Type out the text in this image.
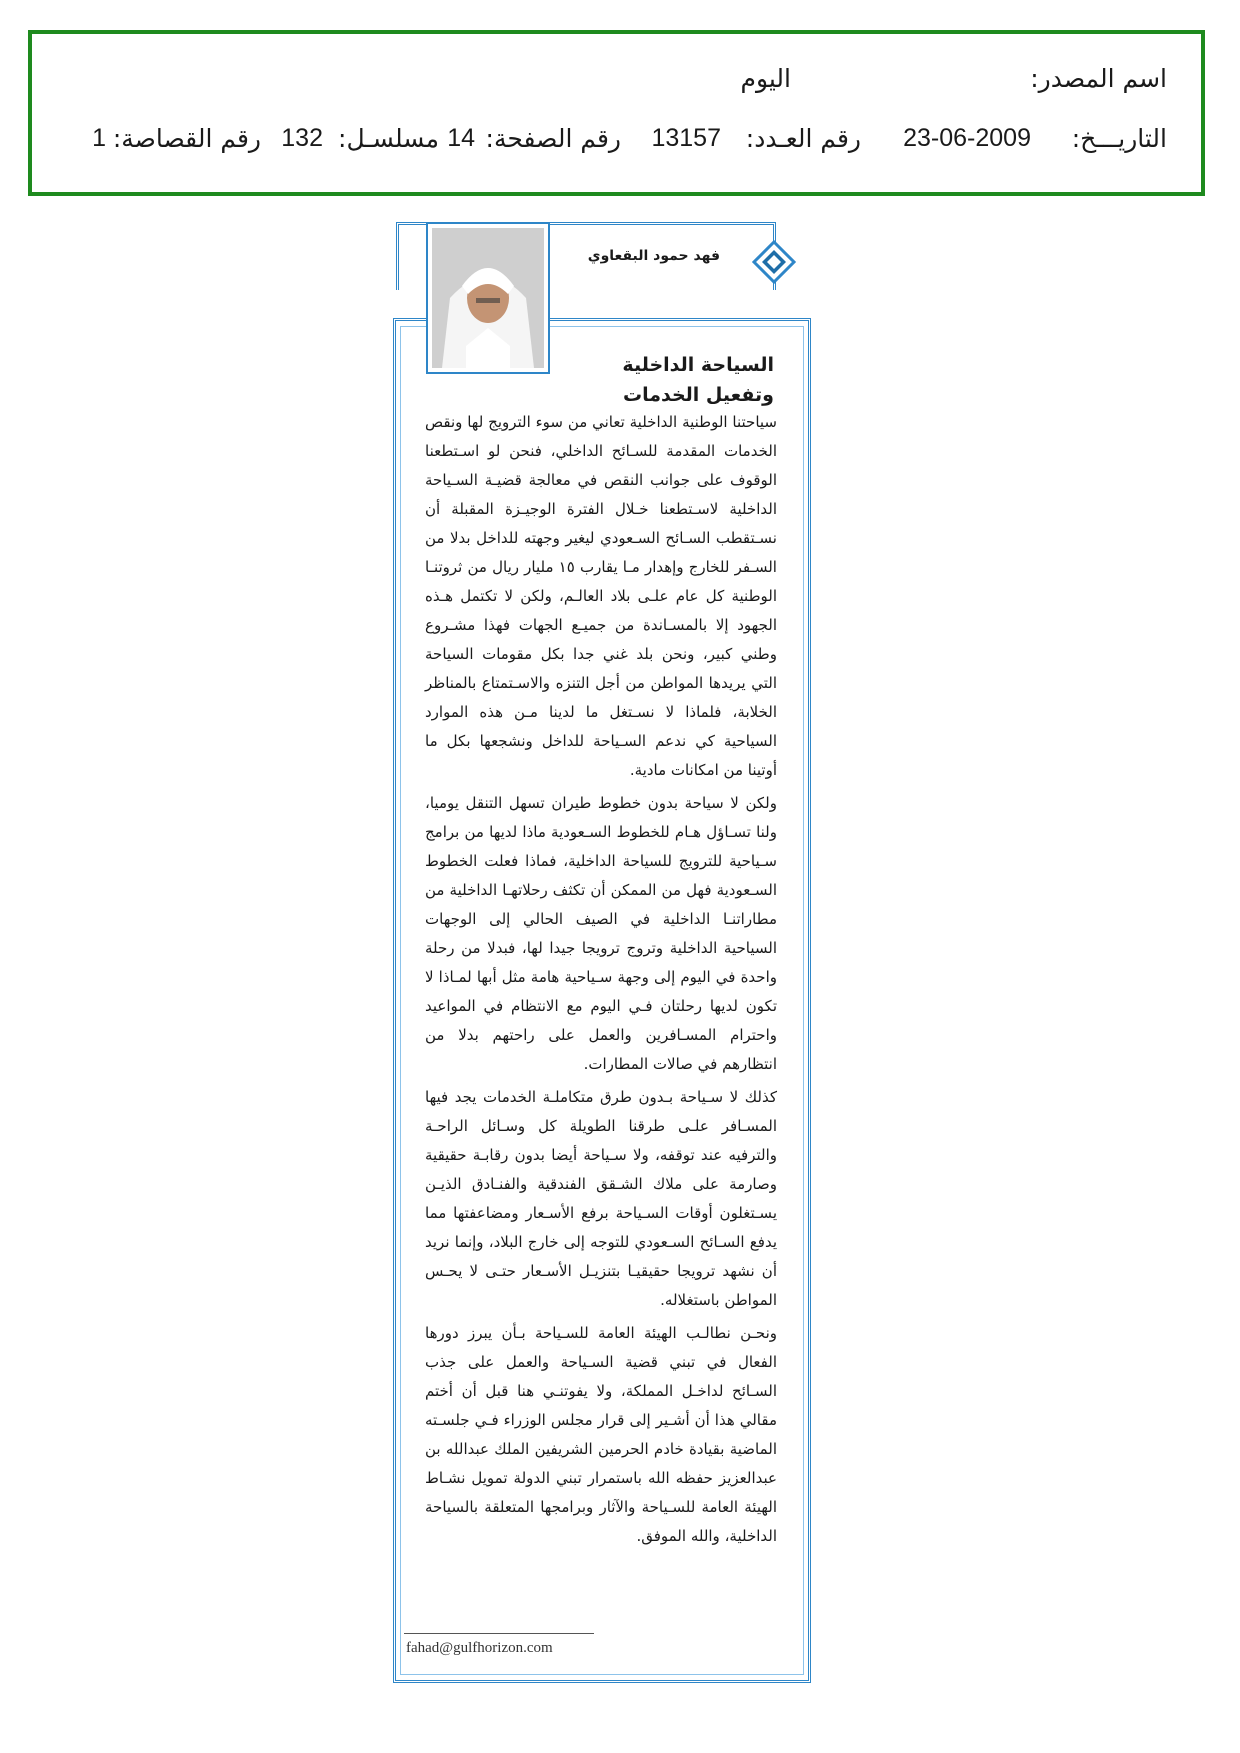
اسم المصدر:
اليوم
التاريـــخ:
23-06-2009
رقم العـدد:
13157
رقم الصفحة:
14
مسلسـل:
132
رقم القصاصة:
1
فهد حمود البقعاوي
السياحة الداخلية وتفعيل الخدمات

سياحتنا الوطنية الداخلية تعاني من سوء الترويج لها ونقص الخدمات المقدمة للسـائح الداخلي، فنحن لو اسـتطعنا الوقوف على جوانب النقص في معالجة قضيـة السـياحة الداخلية لاسـتطعنا خـلال الفترة الوجيـزة المقبلة أن نسـتقطب السـائح السـعودي ليغير وجهته للداخل بدلا من السـفر للخارج وإهدار مـا يقارب ١٥ مليار ريال من ثروتنـا الوطنية كل عام علـى بلاد العالـم، ولكن لا تكتمل هـذه الجهود إلا بالمسـاندة من جميـع الجهات فهذا مشـروع وطني كبير، ونحن بلد غني جدا بكل مقومات السياحة التي يريدها المواطن من أجل التنزه والاسـتمتاع بالمناظر الخلابة، فلماذا لا نسـتغل ما لدينا مـن هذه الموارد السياحية كي ندعم السـياحة للداخل ونشجعها بكل ما أوتينا من امكانات مادية.

ولكن لا سياحة بدون خطوط طيران تسهل التنقل يوميا، ولنا تسـاؤل هـام للخطوط السـعودية ماذا لديها من برامج سـياحية للترويج للسياحة الداخلية، فماذا فعلت الخطوط السـعودية فهل من الممكن أن تكثف رحلاتهـا الداخلية من مطاراتنـا الداخلية في الصيف الحالي إلى الوجهات السياحية الداخلية وتروج ترويجا جيدا لها، فبدلا من رحلة واحدة في اليوم إلى وجهة سـياحية هامة مثل أبها لمـاذا لا تكون لديها رحلتان فـي اليوم مع الانتظام في المواعيد واحترام المسـافرين والعمل على راحتهم بدلا من انتظارهم في صالات المطارات.

كذلك لا سـياحة بـدون طرق متكاملـة الخدمات يجد فيها المسـافر علـى طرقنا الطويلة كل وسـائل الراحـة والترفيه عند توقفه، ولا سـياحة أيضا بدون رقابـة حقيقية وصارمة على ملاك الشـقق الفندقية والفنـادق الذيـن يسـتغلون أوقات السـياحة برفع الأسـعار ومضاعفتها مما يدفع السـائح السـعودي للتوجه إلى خارج البلاد، وإنما نريد أن نشهد ترويجا حقيقيـا بتنزيـل الأسـعار حتـى لا يحـس المواطن باستغلاله.

ونحـن نطالـب الهيئة العامة للسـياحة بـأن يبرز دورها الفعال في تبني قضية السـياحة والعمل على جذب السـائح لداخـل المملكة، ولا يفوتنـي هنا قبل أن أختم مقالي هذا أن أشـير إلى قرار مجلس الوزراء فـي جلسـته الماضية بقيادة خادم الحرمين الشريفين الملك عبدالله بن عبدالعزيز حفظه الله باستمرار تبني الدولة تمويل نشـاط الهيئة العامة للسـياحة والآثار وبرامجها المتعلقة بالسياحة الداخلية، والله الموفق.

fahad@gulfhorizon.com
